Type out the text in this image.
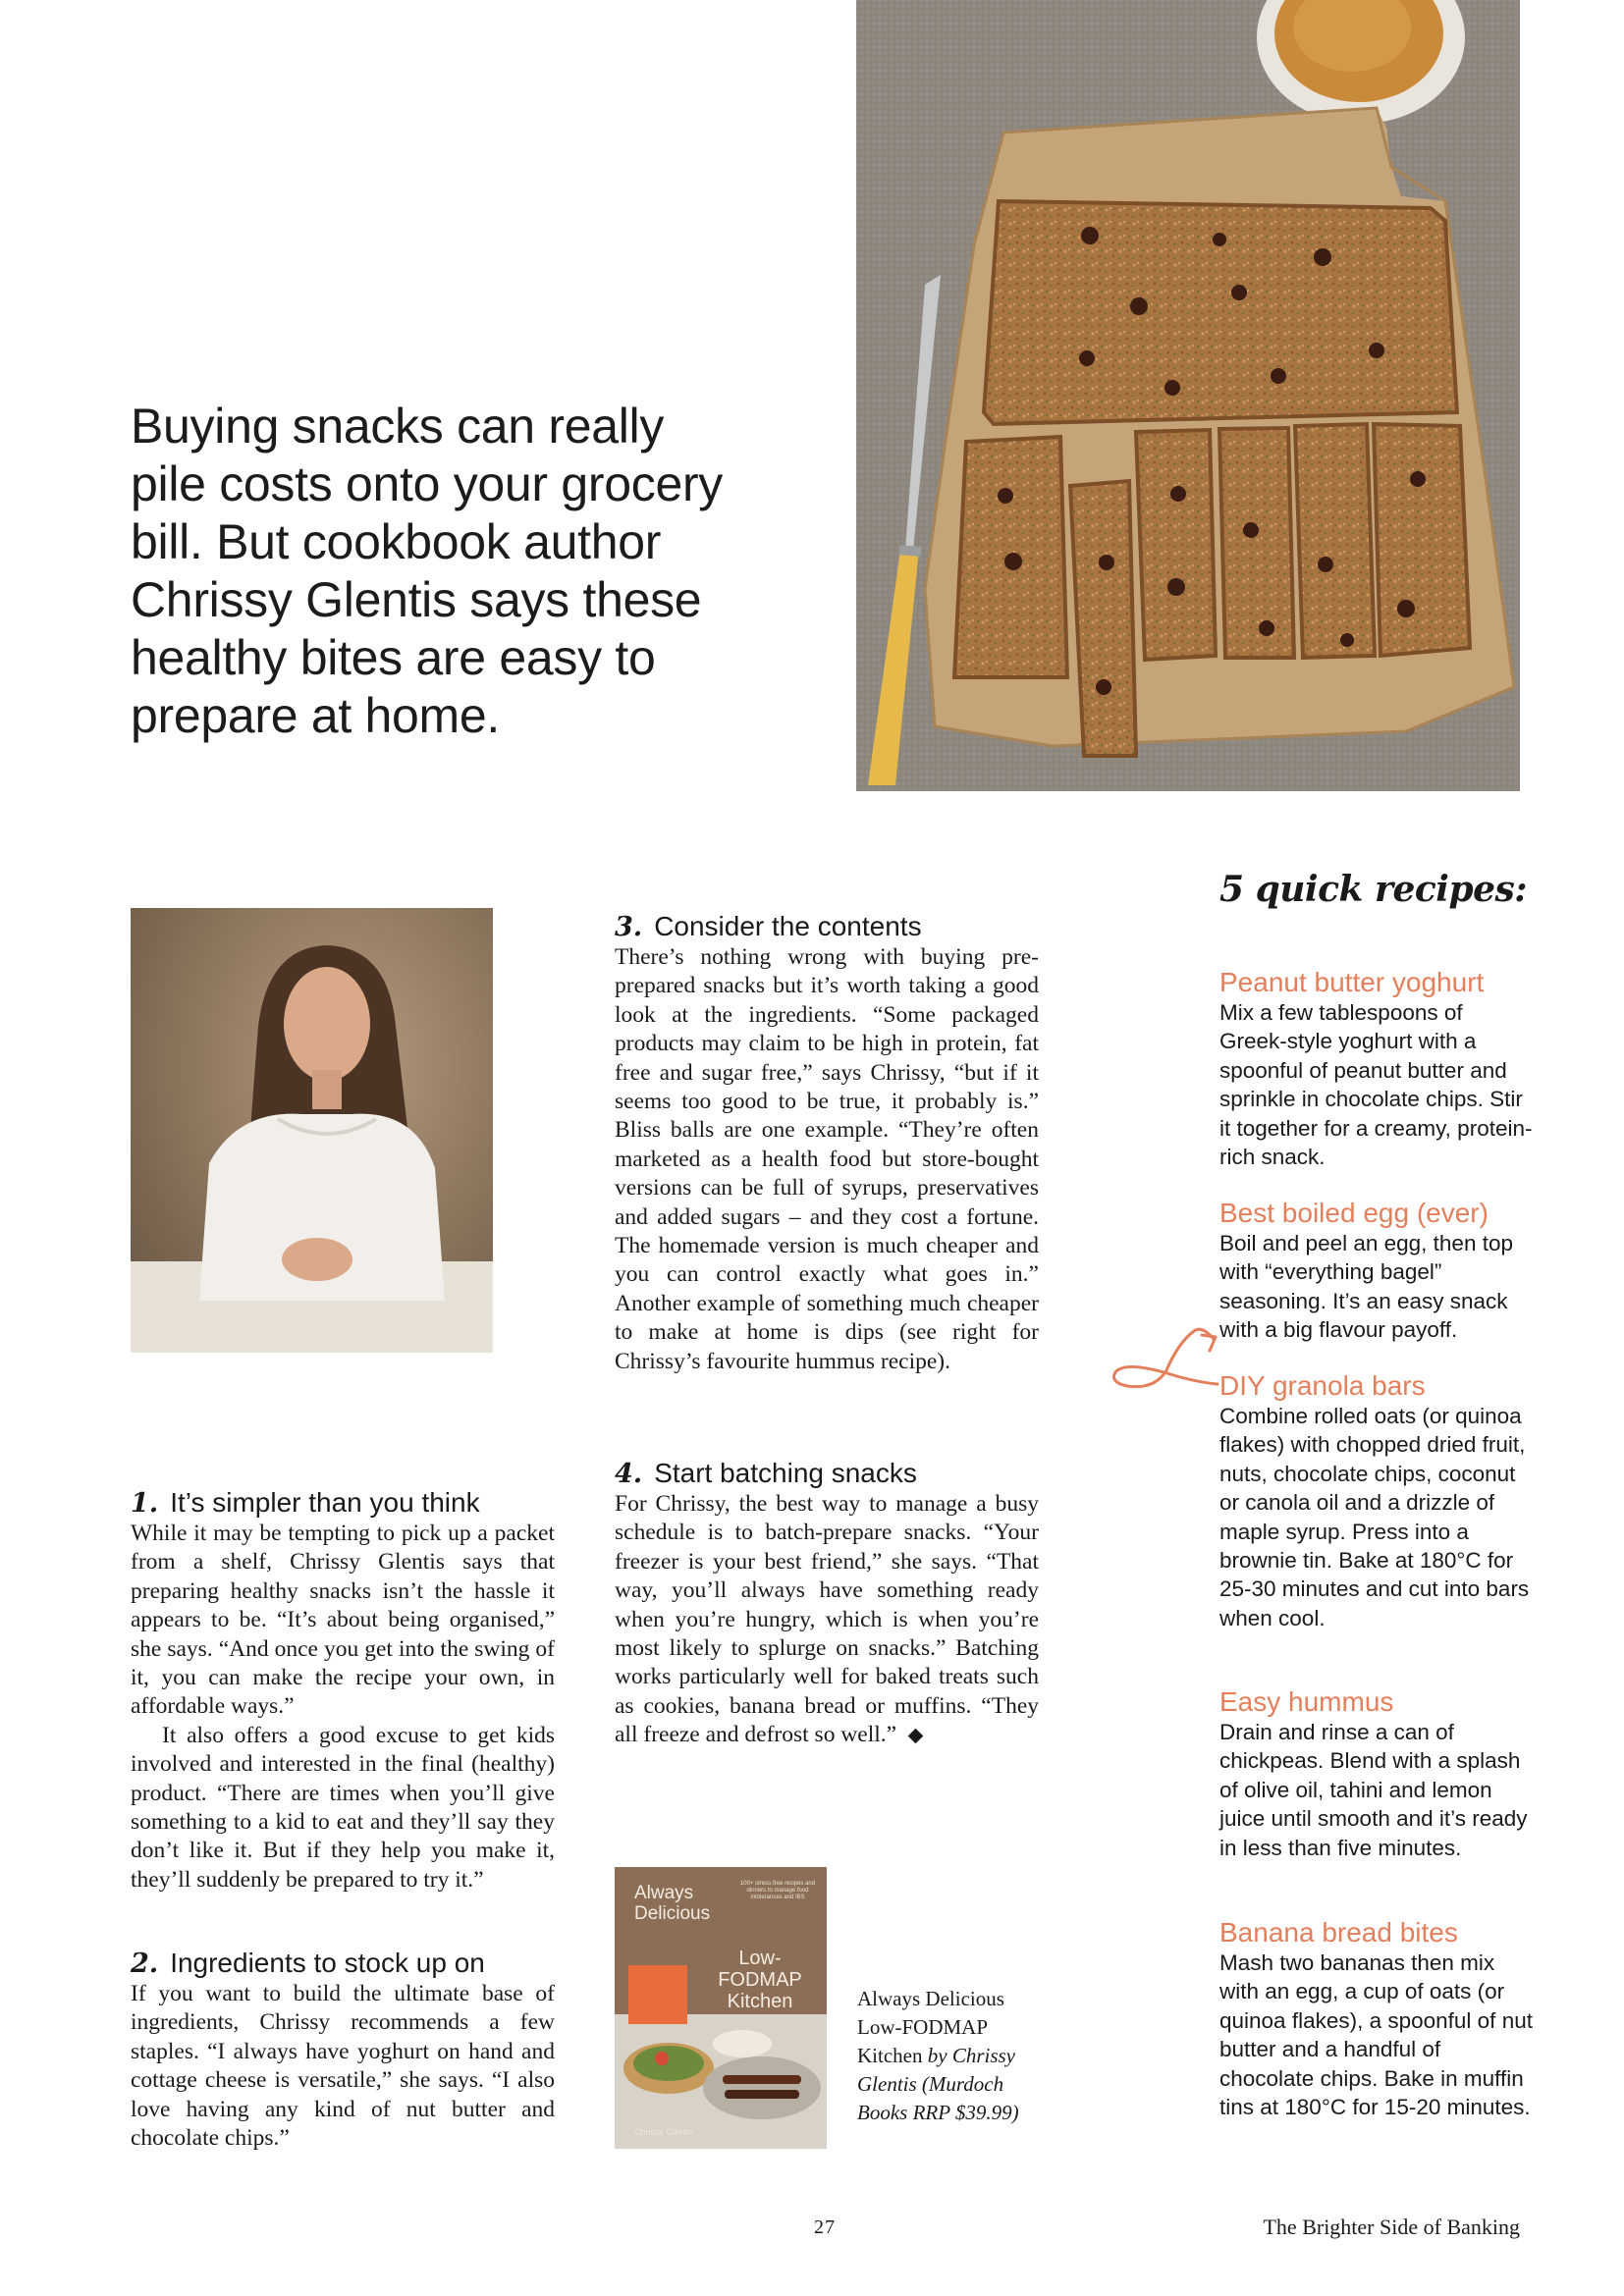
Buying snacks can really pile costs onto your grocery bill. But cookbook author Chrissy Glentis says these healthy bites are easy to prepare at home.

1. It’s simpler than you think

While it may be tempting to pick up a packet from a shelf, Chrissy Glentis says that preparing healthy snacks isn’t the hassle it appears to be. “It’s about being organised,” she says. “And once you get into the swing of it, you can make the recipe your own, in affordable ways.”

It also offers a good excuse to get kids involved and interested in the final (healthy) product. “There are times when you’ll give something to a kid to eat and they’ll say they don’t like it. But if they help you make it, they’ll suddenly be prepared to try it.”

2. Ingredients to stock up on

If you want to build the ultimate base of ingredients, Chrissy recommends a few staples. “I always have yoghurt on hand and cottage cheese is versatile,” she says. “I also love having any kind of nut butter and chocolate chips.”

3. Consider the contents

There’s nothing wrong with buying pre-prepared snacks but it’s worth taking a good look at the ingredients. “Some packaged products may claim to be high in protein, fat free and sugar free,” says Chrissy, “but if it seems too good to be true, it probably is.” Bliss balls are one example. “They’re often marketed as a health food but store-bought versions can be full of syrups, preservatives and added sugars – and they cost a fortune. The homemade version is much cheaper and you can control exactly what goes in.” Another example of something much cheaper to make at home is dips (see right for Chrissy’s favourite hummus recipe).

4. Start batching snacks

For Chrissy, the best way to manage a busy schedule is to batch-prepare snacks. “Your freezer is your best friend,” she says. “That way, you’ll always have something ready when you’re hungry, which is when you’re most likely to splurge on snacks.” Batching works particularly well for baked treats such as cookies, banana bread or muffins. “They all freeze and defrost so well.”

Always Delicious
100+ stress-free recipes and dinners to manage food intolerances and IBS
Low-FODMAP Kitchen
Chrissy Glentis
Always Delicious Low-FODMAP Kitchen by Chrissy Glentis (Murdoch Books RRP $39.99)
5 quick recipes:
Peanut butter yoghurt

Mix a few tablespoons of Greek-style yoghurt with a spoonful of peanut butter and sprinkle in chocolate chips. Stir it together for a creamy, protein-rich snack.

Best boiled egg (ever)

Boil and peel an egg, then top with “everything bagel” seasoning. It’s an easy snack with a big flavour payoff.

DIY granola bars

Combine rolled oats (or quinoa flakes) with chopped dried fruit, nuts, chocolate chips, coconut or canola oil and a drizzle of maple syrup. Press into a brownie tin. Bake at 180°C for 25-30 minutes and cut into bars when cool.

Easy hummus

Drain and rinse a can of chickpeas. Blend with a splash of olive oil, tahini and lemon juice until smooth and it’s ready in less than five minutes.

Banana bread bites

Mash two bananas then mix with an egg, a cup of oats (or quinoa flakes), a spoonful of nut butter and a handful of chocolate chips. Bake in muffin tins at 180°C for 15-20 minutes.

27	The Brighter Side of Banking
